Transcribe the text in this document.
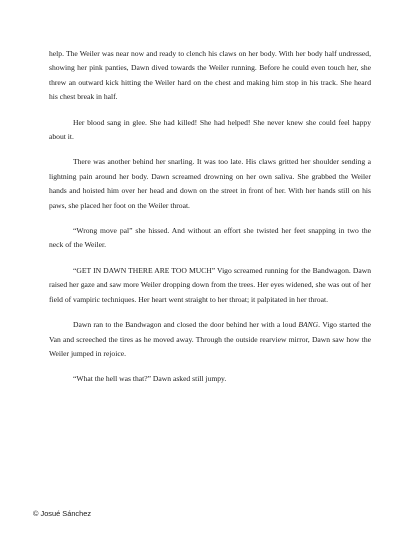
help. The Weiler was near now and ready to clench his claws on her body. With her body half undressed, showing her pink panties, Dawn dived towards the Weiler running. Before he could even touch her, she threw an outward kick hitting the Weiler hard on the chest and making him stop in his track. She heard his chest break in half.

Her blood sang in glee. She had killed! She had helped! She never knew she could feel happy about it.

There was another behind her snarling. It was too late. His claws gritted her shoulder sending a lightning pain around her body. Dawn screamed drowning on her own saliva. She grabbed the Weiler hands and hoisted him over her head and down on the street in front of her. With her hands still on his paws, she placed her foot on the Weiler throat.

“Wrong move pal” she hissed. And without an effort she twisted her feet snapping in two the neck of the Weiler.

“GET IN DAWN THERE ARE TOO MUCH” Vigo screamed running for the Bandwagon. Dawn raised her gaze and saw more Weiler dropping down from the trees. Her eyes widened, she was out of her field of vampiric techniques. Her heart went straight to her throat; it palpitated in her throat.

Dawn ran to the Bandwagon and closed the door behind her with a loud BANG. Vigo started the Van and screeched the tires as he moved away. Through the outside rearview mirror, Dawn saw how the Weiler jumped in rejoice.

“What the hell was that?” Dawn asked still jumpy.

© Josué Sánchez
